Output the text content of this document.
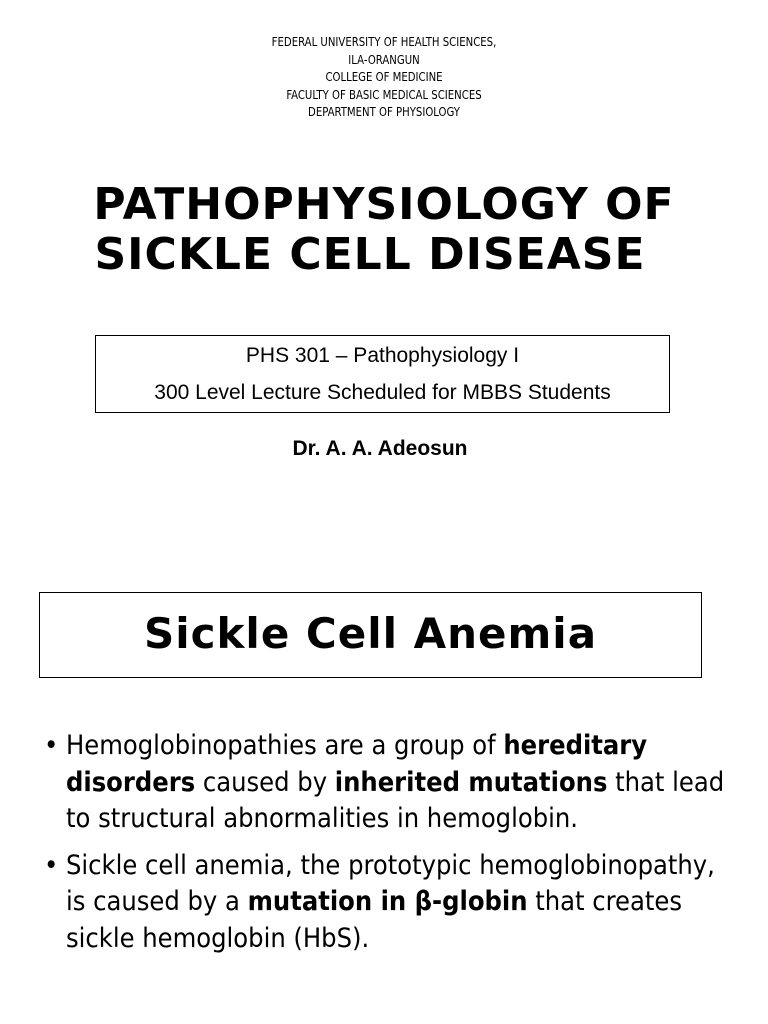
FEDERAL UNIVERSITY OF HEALTH SCIENCES,
ILA-ORANGUN
COLLEGE OF MEDICINE
FACULTY OF BASIC MEDICAL SCIENCES
DEPARTMENT OF PHYSIOLOGY
PATHOPHYSIOLOGY OF
SICKLE CELL DISEASE
PHS 301 – Pathophysiology I
300 Level Lecture Scheduled for MBBS Students
Dr. A. A. Adeosun
Sickle Cell Anemia
• Hemoglobinopathies are a group of hereditary disorders caused by inherited mutations that lead to structural abnormalities in hemoglobin.
• Sickle cell anemia, the prototypic hemoglobinopathy, is caused by a mutation in β-globin that creates sickle hemoglobin (HbS).
